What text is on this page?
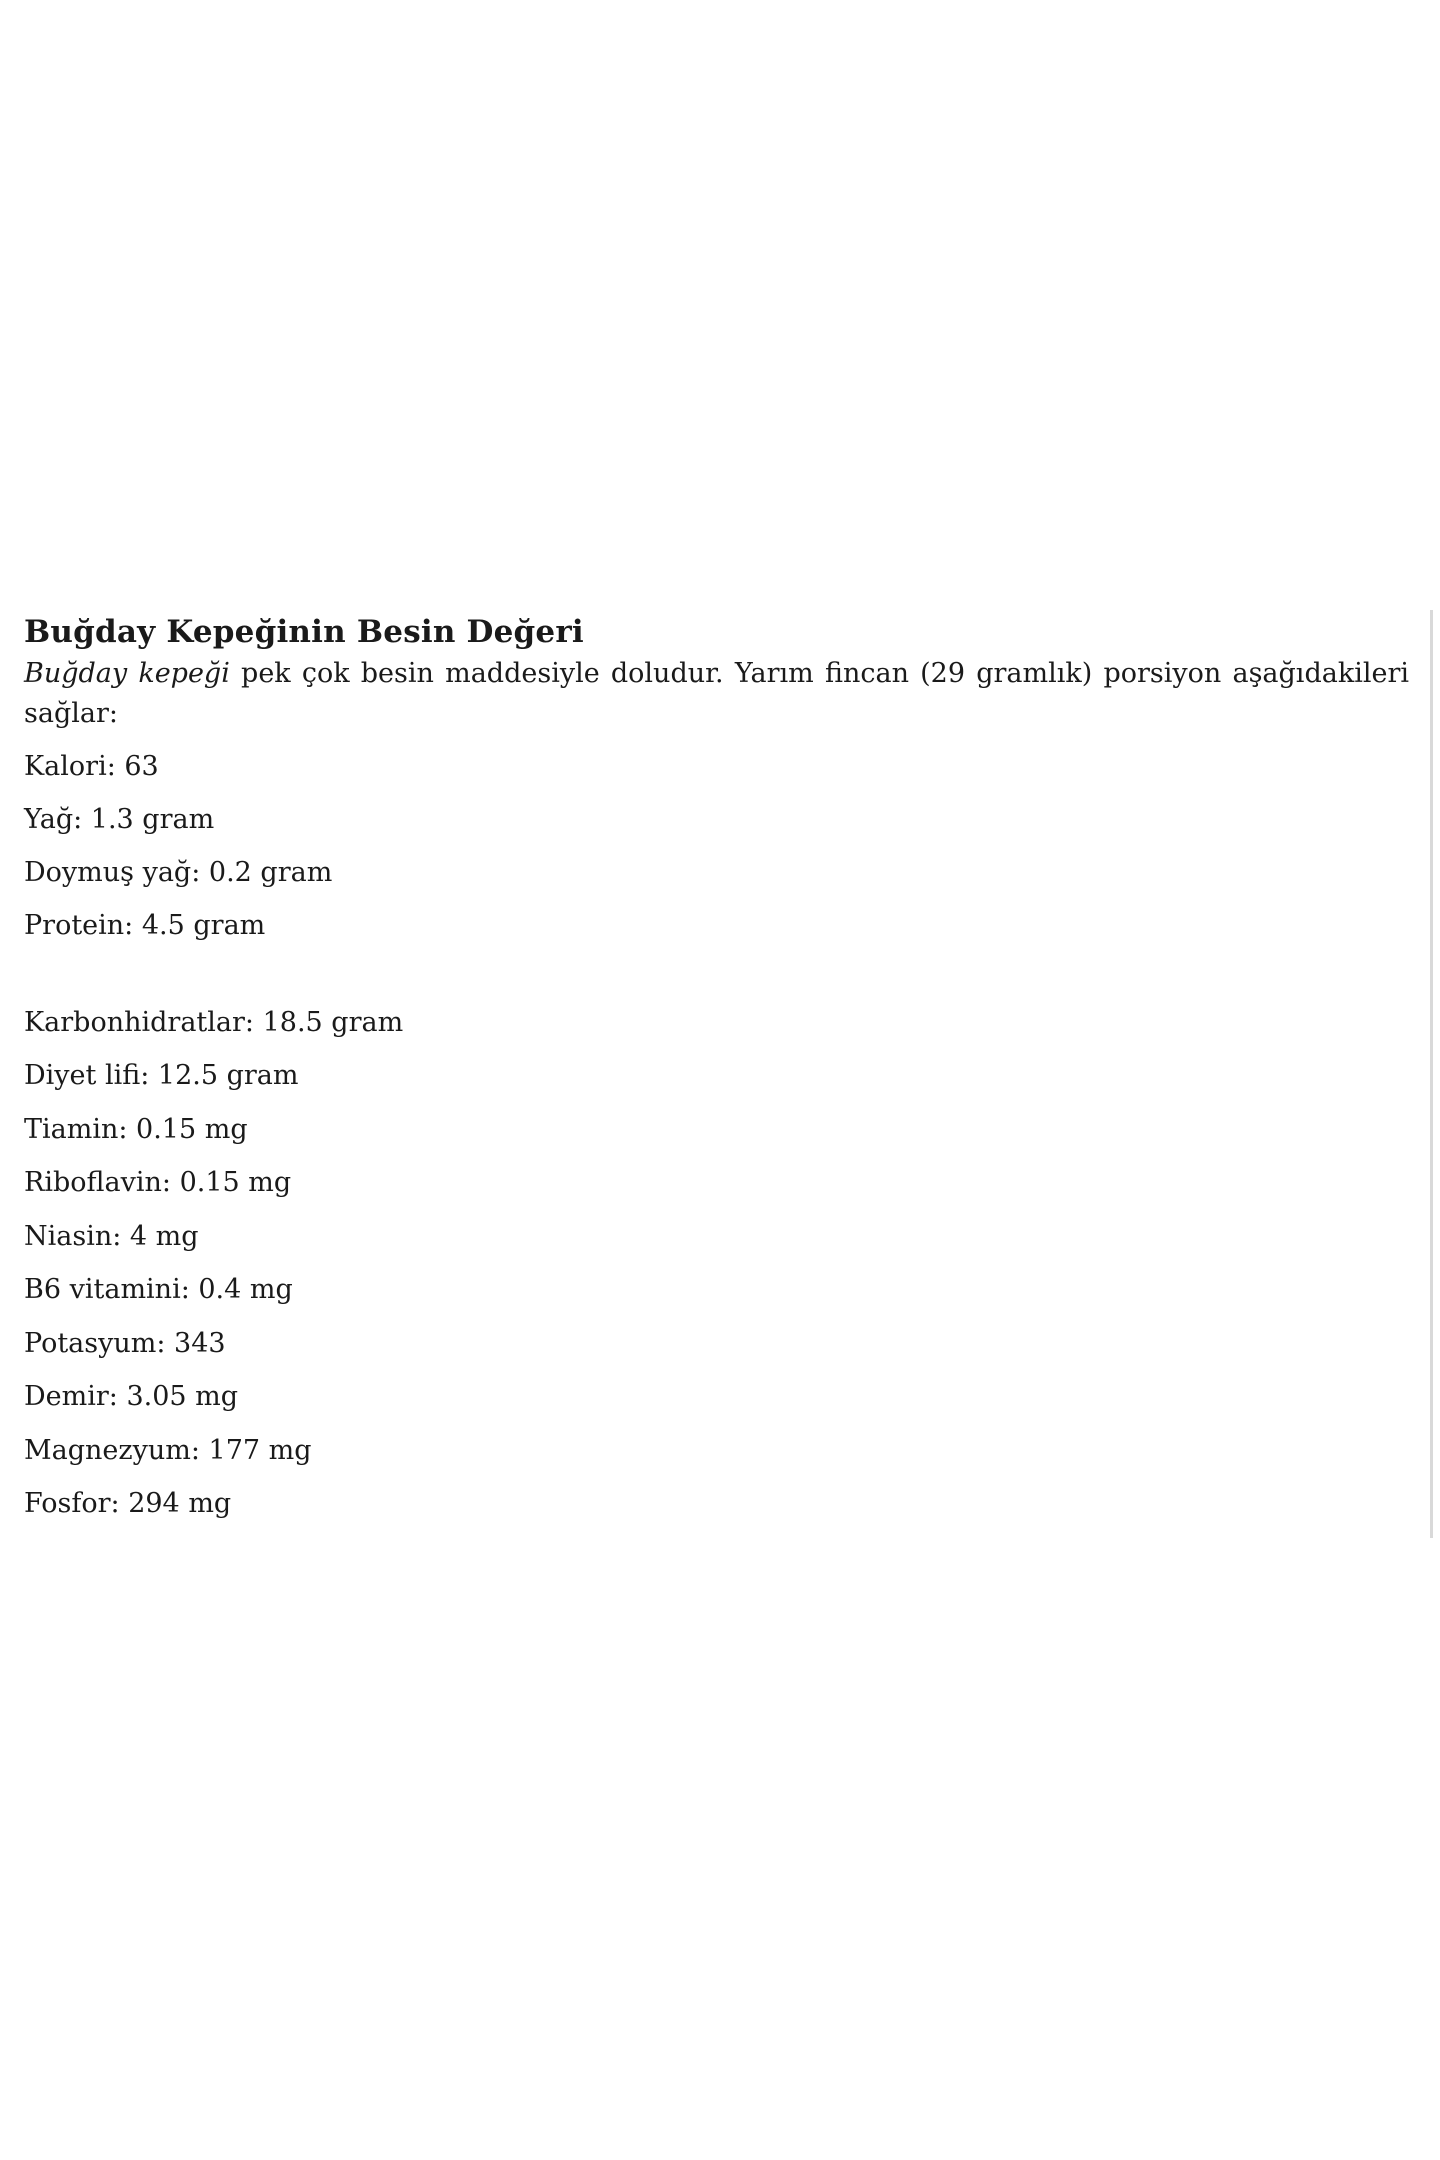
Buğday Kepeğinin Besin Değeri

Buğday kepeği pek çok besin maddesiyle doludur. Yarım fincan (29 gramlık) porsiyon aşağıdakileri sağlar:

Kalori: 63
Yağ: 1.3 gram
Doymuş yağ: 0.2 gram
Protein: 4.5 gram
Karbonhidratlar: 18.5 gram
Diyet lifi: 12.5 gram
Tiamin: 0.15 mg
Riboflavin: 0.15 mg
Niasin: 4 mg
B6 vitamini: 0.4 mg
Potasyum: 343
Demir: 3.05 mg
Magnezyum: 177 mg
Fosfor: 294 mg
